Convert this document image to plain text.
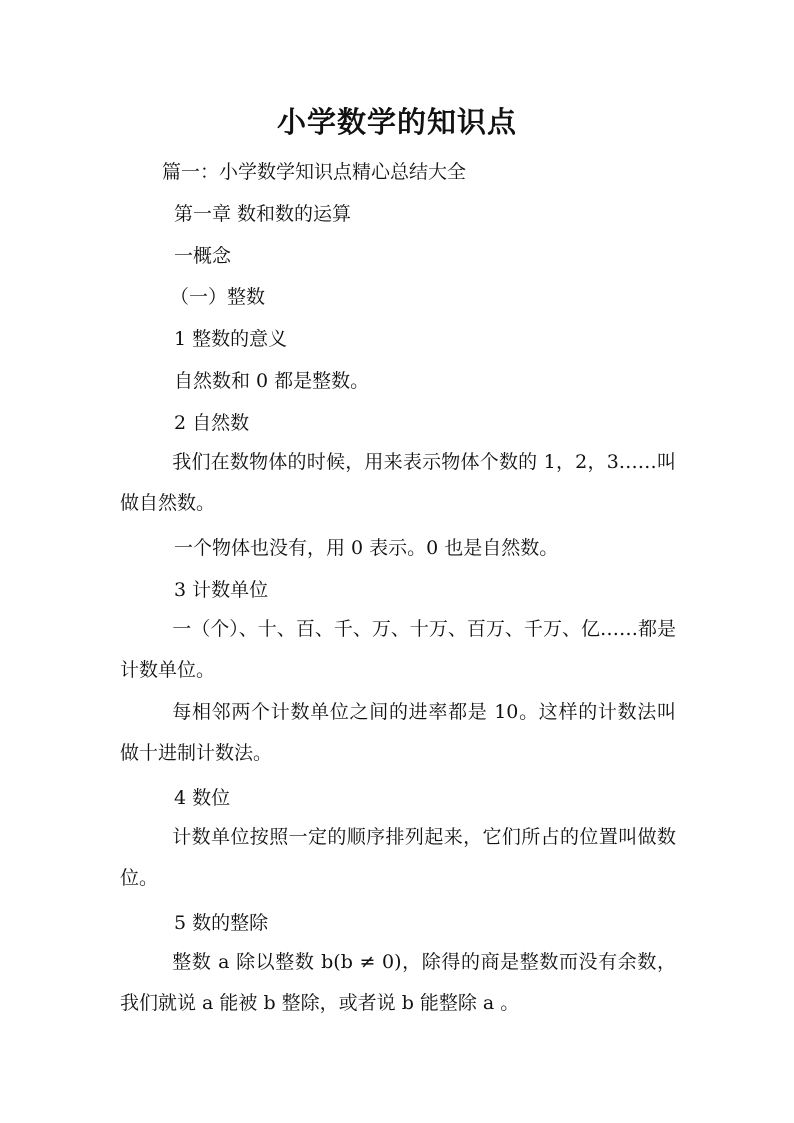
小学数学的知识点
篇一：小学数学知识点精心总结大全
第一章 数和数的运算
一概念
（一）整数
1 整数的意义
自然数和 0 都是整数。
2 自然数
我们在数物体的时候，用来表示物体个数的 1，2，3……叫做自然数。
一个物体也没有，用 0 表示。0 也是自然数。
3 计数单位
一（个）、十、百、千、万、十万、百万、千万、亿……都是计数单位。
每相邻两个计数单位之间的进率都是 10。这样的计数法叫做十进制计数法。
4 数位
计数单位按照一定的顺序排列起来，它们所占的位置叫做数位。
5 数的整除
整数 a 除以整数 b(b ≠ 0)，除得的商是整数而没有余数，我们就说 a 能被 b 整除，或者说 b 能整除 a 。
